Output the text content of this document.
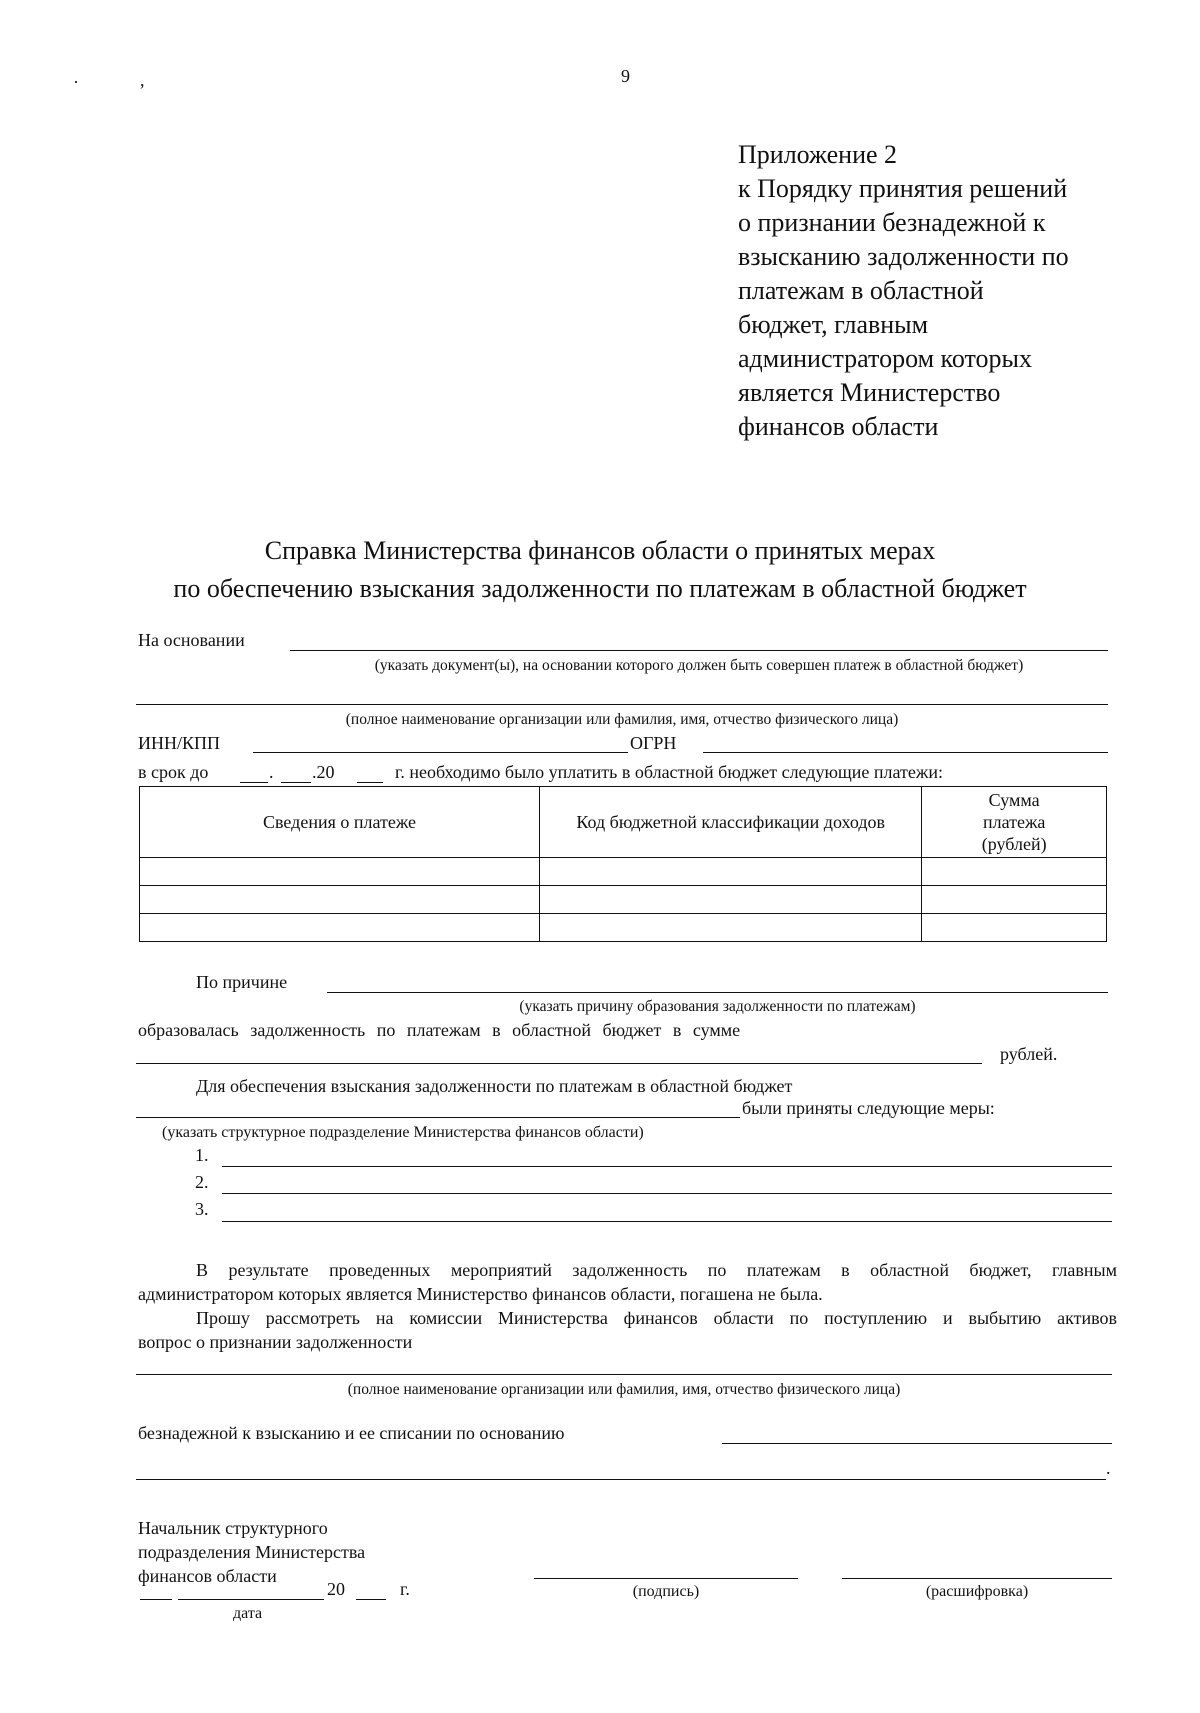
·	,	9
Приложение 2
к Порядку принятия решений
о признании безнадежной к
взысканию задолженности по
платежам в областной
бюджет, главным
администратором которых
является Министерство
финансов области
Справка Министерства финансов области о принятых мерах
по обеспечению взыскания задолженности по платежам в областной бюджет
На основании
(указать документ(ы), на основании которого должен быть совершен платеж в областной бюджет)
(полное наименование организации или фамилия, имя, отчество физического лица)
ИНН/КПП	ОГРН
в срок до	. .20	г. необходимо было уплатить в областной бюджет следующие платежи:
Сведения о платеже	Код бюджетной классификации доходов	Сумма
платежа
(рублей)

По причине
(указать причину образования задолженности по платежам)
образовалась задолженность по платежам в областной бюджет в сумме
рублей.
Для обеспечения взыскания задолженности по платежам в областной бюджет
были приняты следующие меры:
(указать структурное подразделение Министерства финансов области)
1.
2.
3.
В результате проведенных мероприятий задолженность по платежам в областной бюджет, главным
администратором которых является Министерство финансов области, погашена не была.
Прошу рассмотреть на комиссии Министерства финансов области по поступлению и выбытию активов
вопрос о признании задолженности
(полное наименование организации или фамилия, имя, отчество физического лица)
безнадежной к взысканию и ее списании по основанию
.
Начальник структурного
подразделения Министерства
финансов области
20	г.
дата
(подпись)	(расшифровка)
